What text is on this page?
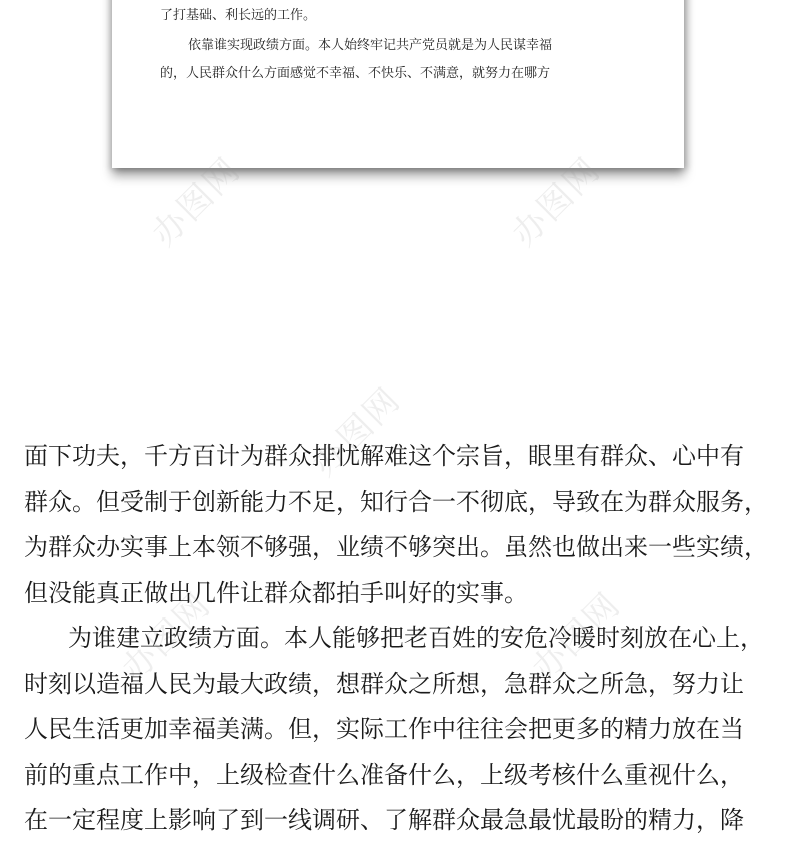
了打基础、利长远的工作。
依靠谁实现政绩方面。本人始终牢记共产党员就是为人民谋幸福
的，人民群众什么方面感觉不幸福、不快乐、不满意，就努力在哪方
办图网	办图网
办图网
办图网	办图网
面下功夫，千方百计为群众排忧解难这个宗旨，眼里有群众、心中有
群众。但受制于创新能力不足，知行合一不彻底，导致在为群众服务，
为群众办实事上本领不够强，业绩不够突出。虽然也做出来一些实绩，
但没能真正做出几件让群众都拍手叫好的实事。
为谁建立政绩方面。本人能够把老百姓的安危冷暖时刻放在心上，
时刻以造福人民为最大政绩，想群众之所想，急群众之所急，努力让
人民生活更加幸福美满。但，实际工作中往往会把更多的精力放在当
前的重点工作中，上级检查什么准备什么，上级考核什么重视什么，
在一定程度上影响了到一线调研、了解群众最急最忧最盼的精力，降
